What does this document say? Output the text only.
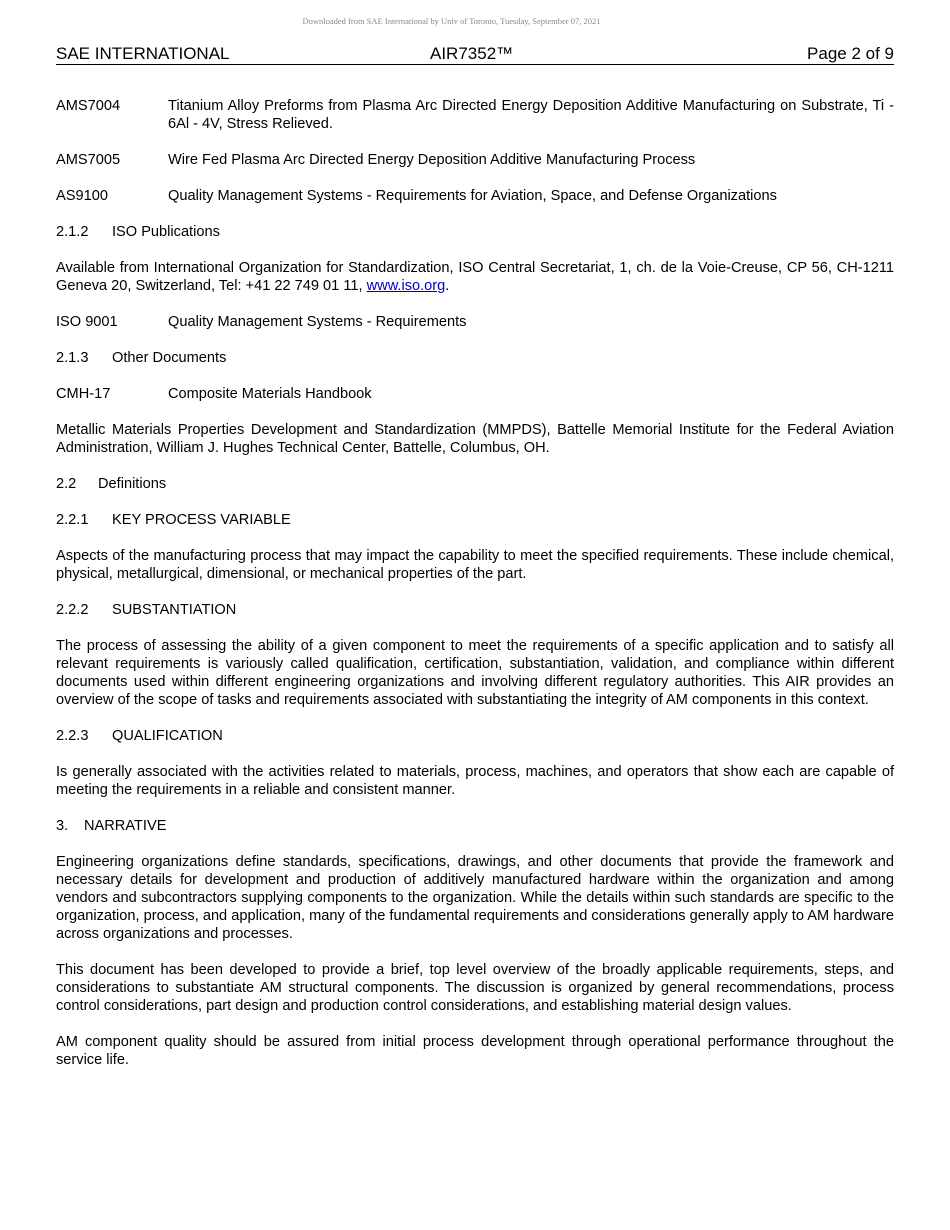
Downloaded from SAE International by Univ of Toronto, Tuesday, September 07, 2021
SAE INTERNATIONAL	AIR7352™	Page 2 of 9
AMS7004	Titanium Alloy Preforms from Plasma Arc Directed Energy Deposition Additive Manufacturing on Substrate, Ti - 6Al - 4V, Stress Relieved.
AMS7005	Wire Fed Plasma Arc Directed Energy Deposition Additive Manufacturing Process
AS9100	Quality Management Systems - Requirements for Aviation, Space, and Defense Organizations

2.1.2 ISO Publications

Available from International Organization for Standardization, ISO Central Secretariat, 1, ch. de la Voie-Creuse, CP 56, CH-1211 Geneva 20, Switzerland, Tel: +41 22 749 01 11, www.iso.org.

ISO 9001	Quality Management Systems - Requirements

2.1.3 Other Documents

CMH-17	Composite Materials Handbook

Metallic Materials Properties Development and Standardization (MMPDS), Battelle Memorial Institute for the Federal Aviation Administration, William J. Hughes Technical Center, Battelle, Columbus, OH.

2.2 Definitions

2.2.1 KEY PROCESS VARIABLE

Aspects of the manufacturing process that may impact the capability to meet the specified requirements. These include chemical, physical, metallurgical, dimensional, or mechanical properties of the part.

2.2.2 SUBSTANTIATION

The process of assessing the ability of a given component to meet the requirements of a specific application and to satisfy all relevant requirements is variously called qualification, certification, substantiation, validation, and compliance within different documents used within different engineering organizations and involving different regulatory authorities. This AIR provides an overview of the scope of tasks and requirements associated with substantiating the integrity of AM components in this context.

2.2.3 QUALIFICATION

Is generally associated with the activities related to materials, process, machines, and operators that show each are capable of meeting the requirements in a reliable and consistent manner.

3. NARRATIVE

Engineering organizations define standards, specifications, drawings, and other documents that provide the framework and necessary details for development and production of additively manufactured hardware within the organization and among vendors and subcontractors supplying components to the organization. While the details within such standards are specific to the organization, process, and application, many of the fundamental requirements and considerations generally apply to AM hardware across organizations and processes.

This document has been developed to provide a brief, top level overview of the broadly applicable requirements, steps, and considerations to substantiate AM structural components. The discussion is organized by general recommendations, process control considerations, part design and production control considerations, and establishing material design values.

AM component quality should be assured from initial process development through operational performance throughout the service life.
